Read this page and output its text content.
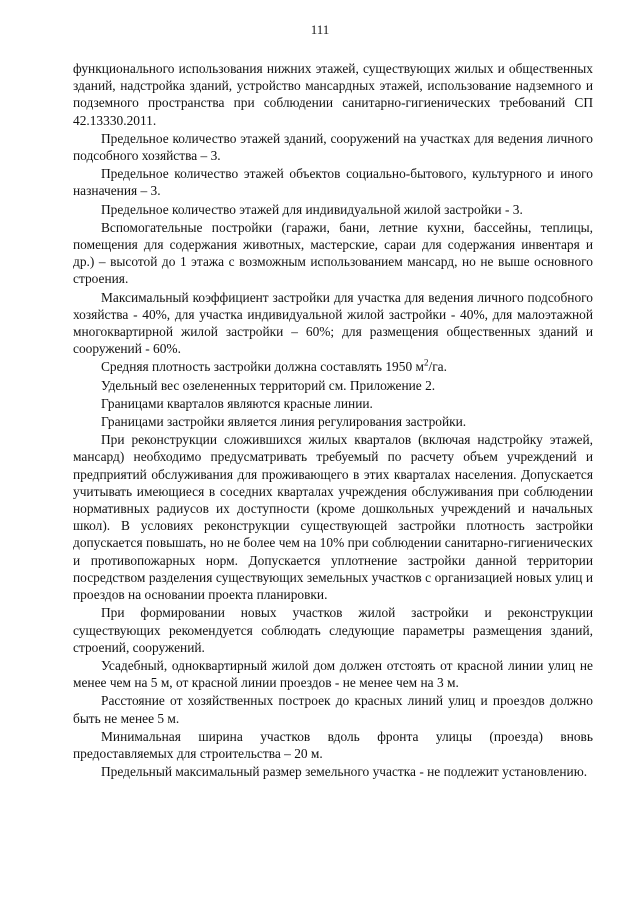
111

функционального использования нижних этажей, существующих жилых и общественных зданий, надстройка зданий, устройство мансардных этажей, использование надземного и подземного пространства при соблюдении санитарно-гигиенических требований СП 42.13330.2011.

Предельное количество этажей зданий, сооружений на участках для ведения личного подсобного хозяйства – 3.

Предельное количество этажей объектов социально-бытового, культурного и иного назначения – 3.

Предельное количество этажей для индивидуальной жилой застройки - 3.

Вспомогательные постройки (гаражи, бани, летние кухни, бассейны, теплицы, помещения для содержания животных, мастерские, сараи для содержания инвентаря и др.) – высотой до 1 этажа с возможным использованием мансард, но не выше основного строения.

Максимальный коэффициент застройки для участка для ведения личного подсобного хозяйства - 40%, для участка индивидуальной жилой застройки - 40%, для малоэтажной многоквартирной жилой застройки – 60%; для размещения общественных зданий и сооружений - 60%.

Средняя плотность застройки должна составлять 1950 $м^2/га$.

Удельный вес озелененных территорий см. Приложение 2.

Границами кварталов являются красные линии.

Границами застройки является линия регулирования застройки.

При реконструкции сложившихся жилых кварталов (включая надстройку этажей, мансард) необходимо предусматривать требуемый по расчету объем учреждений и предприятий обслуживания для проживающего в этих кварталах населения. Допускается учитывать имеющиеся в соседних кварталах учреждения обслуживания при соблюдении нормативных радиусов их доступности (кроме дошкольных учреждений и начальных школ). В условиях реконструкции существующей застройки плотность застройки допускается повышать, но не более чем на 10% при соблюдении санитарно-гигиенических и противопожарных норм. Допускается уплотнение застройки данной территории посредством разделения существующих земельных участков с организацией новых улиц и проездов на основании проекта планировки.

При формировании новых участков жилой застройки и реконструкции существующих рекомендуется соблюдать следующие параметры размещения зданий, строений, сооружений.

Усадебный, одноквартирный жилой дом должен отстоять от красной линии улиц не менее чем на 5 м, от красной линии проездов - не менее чем на 3 м.

Расстояние от хозяйственных построек до красных линий улиц и проездов должно быть не менее 5 м.

Минимальная ширина участков вдоль фронта улицы (проезда) вновь предоставляемых для строительства – 20 м.

Предельный максимальный размер земельного участка - не подлежит установлению.
